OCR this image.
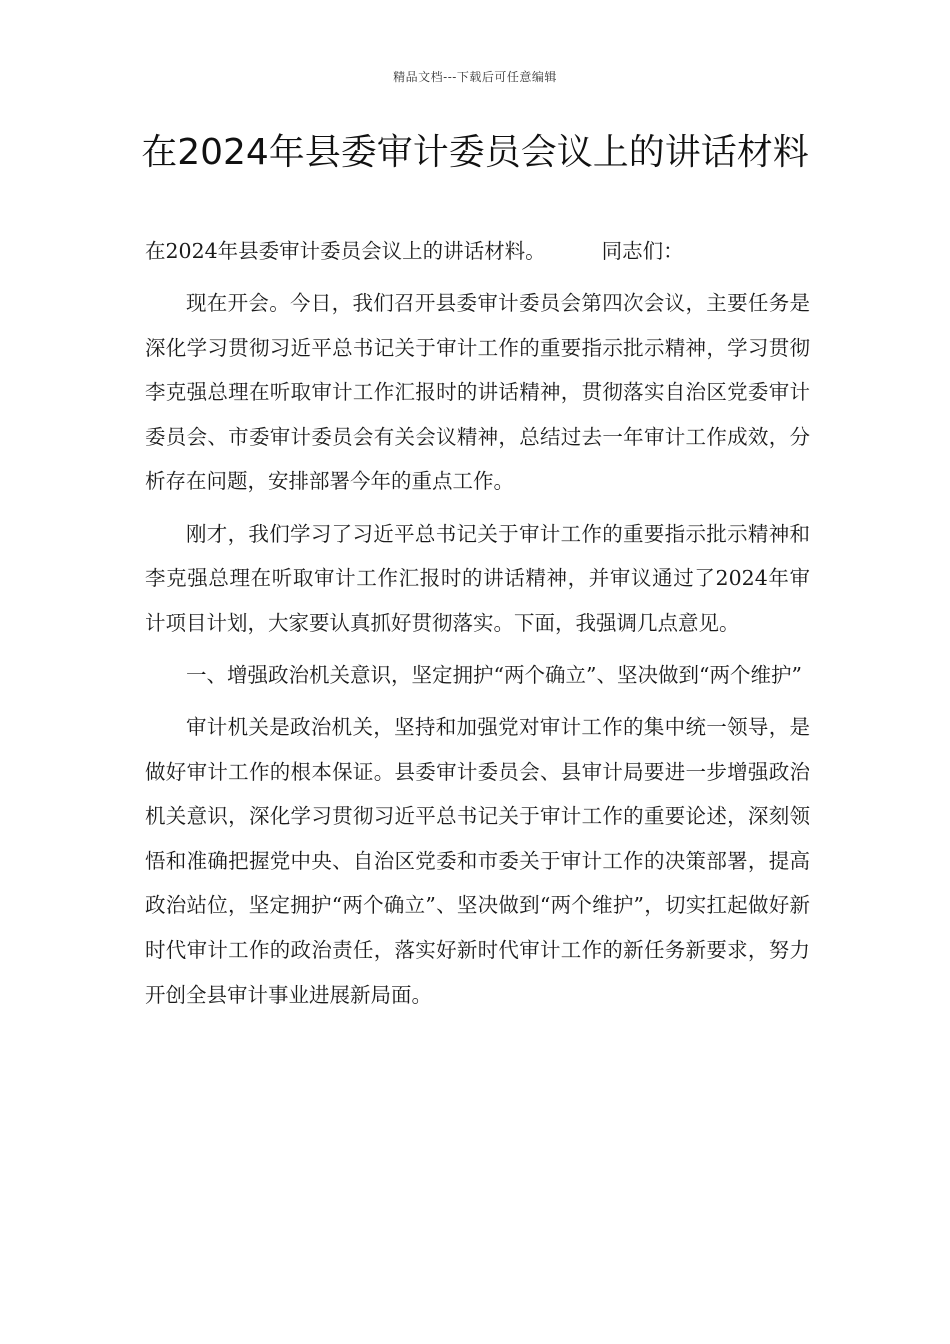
精品文档---下载后可任意编辑
在2024年县委审计委员会议上的讲话材料

在2024年县委审计委员会议上的讲话材料。	同志们：

现在开会。今日，我们召开县委审计委员会第四次会议，主要任务是深化学习贯彻习近平总书记关于审计工作的重要指示批示精神，学习贯彻李克强总理在听取审计工作汇报时的讲话精神，贯彻落实自治区党委审计委员会、市委审计委员会有关会议精神，总结过去一年审计工作成效，分析存在问题，安排部署今年的重点工作。

刚才，我们学习了习近平总书记关于审计工作的重要指示批示精神和李克强总理在听取审计工作汇报时的讲话精神，并审议通过了2024年审计项目计划，大家要认真抓好贯彻落实。下面，我强调几点意见。

一、增强政治机关意识，坚定拥护“两个确立”、坚决做到“两个维护”

审计机关是政治机关，坚持和加强党对审计工作的集中统一领导，是做好审计工作的根本保证。县委审计委员会、县审计局要进一步增强政治机关意识，深化学习贯彻习近平总书记关于审计工作的重要论述，深刻领悟和准确把握党中央、自治区党委和市委关于审计工作的决策部署，提高政治站位，坚定拥护“两个确立”、坚决做到“两个维护”，切实扛起做好新时代审计工作的政治责任，落实好新时代审计工作的新任务新要求，努力开创全县审计事业进展新局面。
